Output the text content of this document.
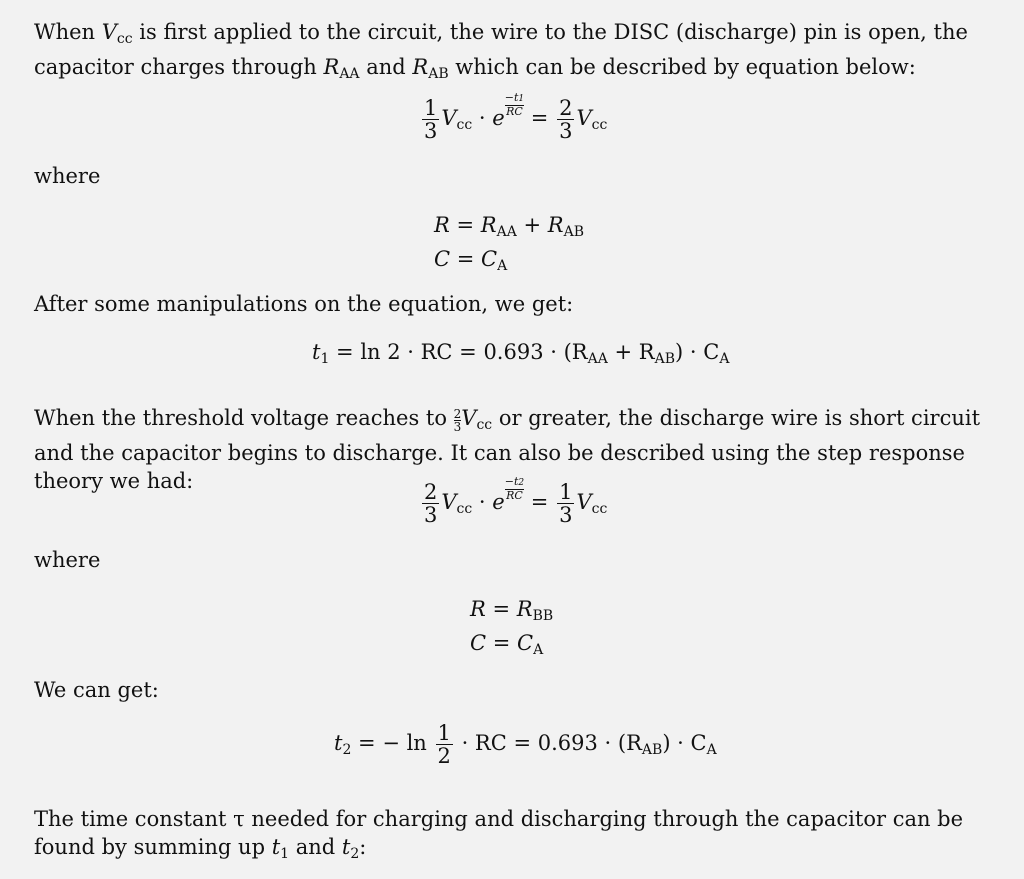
When $V_{cc}$ is first applied to the circuit, the wire to the DISC (discharge) pin is open, the capacitor charges through $R_{AA}$ and $R_{AB}$ which can be described by equation below:
$\frac{1}{3} V_{cc} \cdot e$
$\frac{-t1}{RC}$
= $\frac{2}{3} V_{cc}$
where
$R = R_{AA} + R_{AB}$
$C = C_A$
After some manipulations on the equation, we get:
$t_1 = \ln 2$ · RC = $0.693 \cdot (R_{AA} + R_{AB}) \cdot C_A$
When the threshold voltage reaches to $\frac{2}{3} V_{cc}$ or greater, the discharge wire is short circuit and the capacitor begins to discharge. It can also be described using the step response theory we had:	$\frac{2}{3} V_{cc} \cdot e$
$\frac{-t2}{RC}$
= $\frac{1}{3} V_{cc}$
where
$R = R_{BB}$
$C = C_A$
We can get:
$t_2$ = − $\ln \frac{1}{2}$ · RC = $0.693 \cdot (R_{AB}) \cdot C_A$
The time constant τ needed for charging and discharging through the capacitor can be found by summing up $t_1$ and $t_2$:
